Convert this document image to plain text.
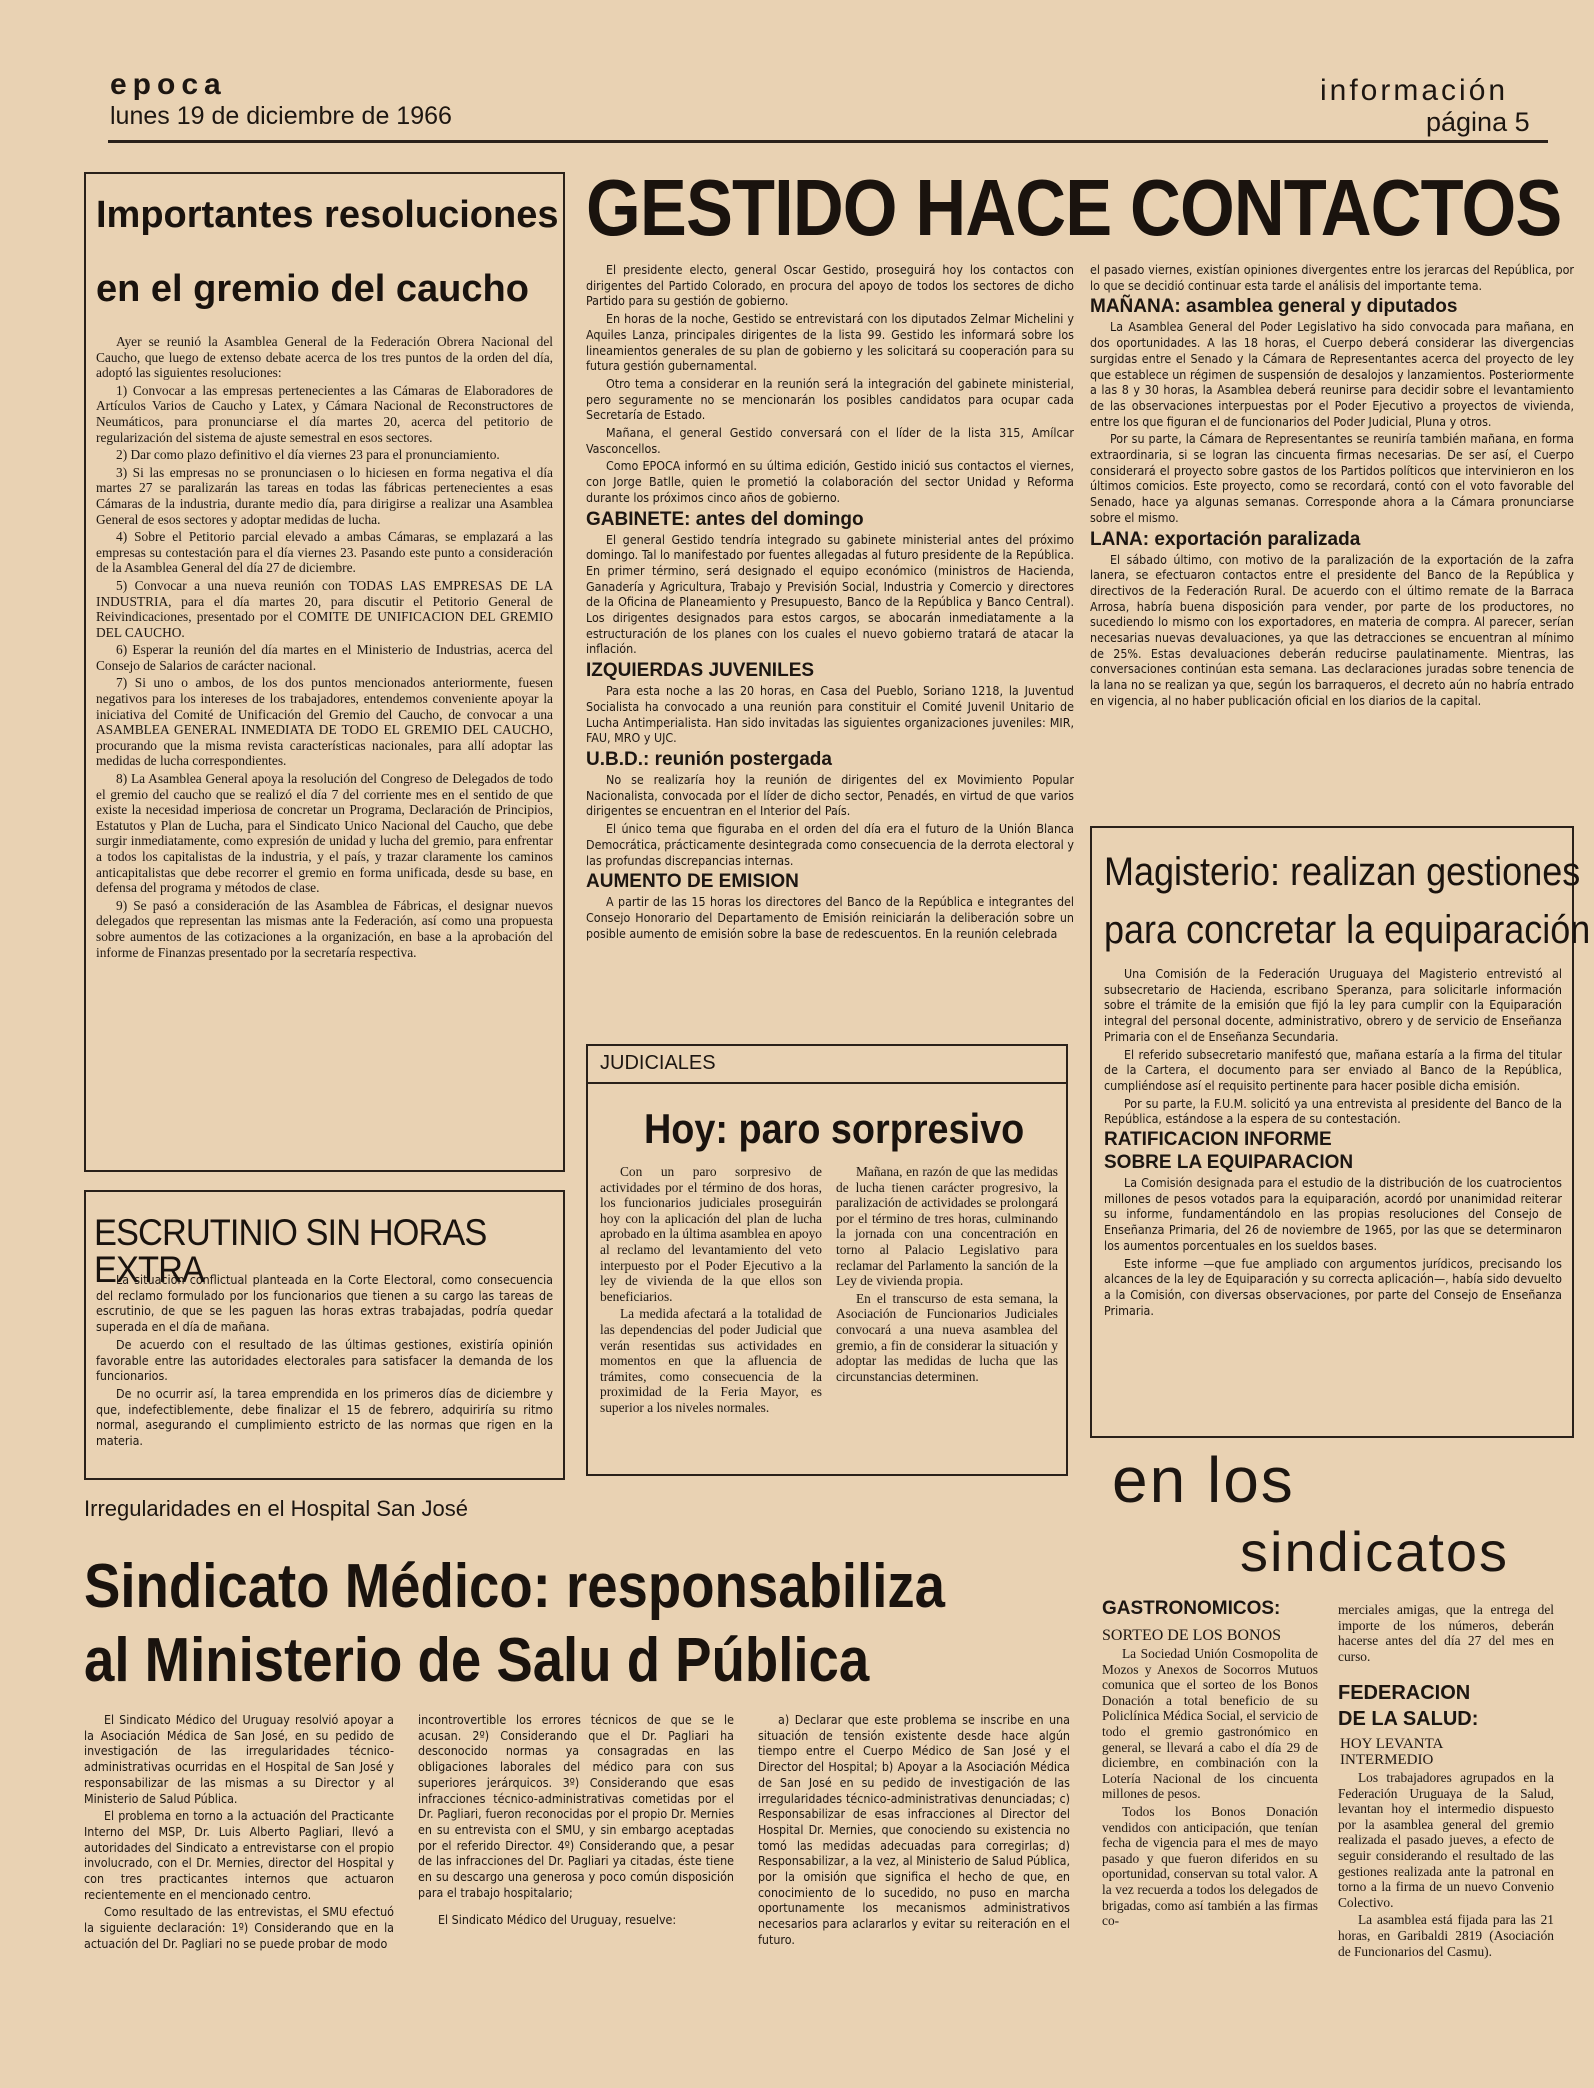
epoca
lunes 19 de diciembre de 1966
información
página 5
Importantes resoluciones
en el gremio del caucho

Ayer se reunió la Asamblea General de la Federación Obrera Nacional del Caucho, que luego de extenso debate acerca de los tres puntos de la orden del día, adoptó las siguientes resoluciones:

1) Convocar a las empresas pertenecientes a las Cámaras de Elaboradores de Artículos Varios de Caucho y Latex, y Cámara Nacional de Reconstructores de Neumáticos, para pronunciarse el día martes 20, acerca del petitorio de regularización del sistema de ajuste semestral en esos sectores.

2) Dar como plazo definitivo el día viernes 23 para el pronunciamiento.

3) Si las empresas no se pronunciasen o lo hiciesen en forma negativa el día martes 27 se paralizarán las tareas en todas las fábricas pertenecientes a esas Cámaras de la industria, durante medio día, para dirigirse a realizar una Asamblea General de esos sectores y adoptar medidas de lucha.

4) Sobre el Petitorio parcial elevado a ambas Cámaras, se emplazará a las empresas su contestación para el día viernes 23. Pasando este punto a consideración de la Asamblea General del día 27 de diciembre.

5) Convocar a una nueva reunión con TODAS LAS EMPRESAS DE LA INDUSTRIA, para el día martes 20, para discutir el Petitorio General de Reivindicaciones, presentado por el COMITE DE UNIFICACION DEL GREMIO DEL CAUCHO.

6) Esperar la reunión del día martes en el Ministerio de Industrias, acerca del Consejo de Salarios de carácter nacional.

7) Si uno o ambos, de los dos puntos mencionados anteriormente, fuesen negativos para los intereses de los trabajadores, entendemos conveniente apoyar la iniciativa del Comité de Unificación del Gremio del Caucho, de convocar a una ASAMBLEA GENERAL INMEDIATA DE TODO EL GREMIO DEL CAUCHO, procurando que la misma revista características nacionales, para allí adoptar las medidas de lucha correspondientes.

8) La Asamblea General apoya la resolución del Congreso de Delegados de todo el gremio del caucho que se realizó el día 7 del corriente mes en el sentido de que existe la necesidad imperiosa de concretar un Programa, Declaración de Principios, Estatutos y Plan de Lucha, para el Sindicato Unico Nacional del Caucho, que debe surgir inmediatamente, como expresión de unidad y lucha del gremio, para enfrentar a todos los capitalistas de la industria, y el país, y trazar claramente los caminos anticapitalistas que debe recorrer el gremio en forma unificada, desde su base, en defensa del programa y métodos de clase.

9) Se pasó a consideración de las Asamblea de Fábricas, el designar nuevos delegados que representan las mismas ante la Federación, así como una propuesta sobre aumentos de las cotizaciones a la organización, en base a la aprobación del informe de Finanzas presentado por la secretaría respectiva.

ESCRUTINIO SIN HORAS EXTRA

La situación conflictual planteada en la Corte Electoral, como consecuencia del reclamo formulado por los funcionarios que tienen a su cargo las tareas de escrutinio, de que se les paguen las horas extras trabajadas, podría quedar superada en el día de mañana.

De acuerdo con el resultado de las últimas gestiones, existiría opinión favorable entre las autoridades electorales para satisfacer la demanda de los funcionarios.

De no ocurrir así, la tarea emprendida en los primeros días de diciembre y que, indefectiblemente, debe finalizar el 15 de febrero, adquiriría su ritmo normal, asegurando el cumplimiento estricto de las normas que rigen en la materia.

GESTIDO HACE CONTACTOS

El presidente electo, general Oscar Gestido, proseguirá hoy los contactos con dirigentes del Partido Colorado, en procura del apoyo de todos los sectores de dicho Partido para su gestión de gobierno.

En horas de la noche, Gestido se entrevistará con los diputados Zelmar Michelini y Aquiles Lanza, principales dirigentes de la lista 99. Gestido les informará sobre los lineamientos generales de su plan de gobierno y les solicitará su cooperación para su futura gestión gubernamental.

Otro tema a considerar en la reunión será la integración del gabinete ministerial, pero seguramente no se mencionarán los posibles candidatos para ocupar cada Secretaría de Estado.

Mañana, el general Gestido conversará con el líder de la lista 315, Amílcar Vasconcellos.

Como EPOCA informó en su última edición, Gestido inició sus contactos el viernes, con Jorge Batlle, quien le prometió la colaboración del sector Unidad y Reforma durante los próximos cinco años de gobierno.

GABINETE: antes del domingo

El general Gestido tendría integrado su gabinete ministerial antes del próximo domingo. Tal lo manifestado por fuentes allegadas al futuro presidente de la República. En primer término, será designado el equipo económico (ministros de Hacienda, Ganadería y Agricultura, Trabajo y Previsión Social, Industria y Comercio y directores de la Oficina de Planeamiento y Presupuesto, Banco de la República y Banco Central). Los dirigentes designados para estos cargos, se abocarán inmediatamente a la estructuración de los planes con los cuales el nuevo gobierno tratará de atacar la inflación.

IZQUIERDAS JUVENILES

Para esta noche a las 20 horas, en Casa del Pueblo, Soriano 1218, la Juventud Socialista ha convocado a una reunión para constituir el Comité Juvenil Unitario de Lucha Antimperialista. Han sido invitadas las siguientes organizaciones juveniles: MIR, FAU, MRO y UJC.

U.B.D.: reunión postergada

No se realizaría hoy la reunión de dirigentes del ex Movimiento Popular Nacionalista, convocada por el líder de dicho sector, Penadés, en virtud de que varios dirigentes se encuentran en el Interior del País.

El único tema que figuraba en el orden del día era el futuro de la Unión Blanca Democrática, prácticamente desintegrada como consecuencia de la derrota electoral y las profundas discrepancias internas.

AUMENTO DE EMISION

A partir de las 15 horas los directores del Banco de la República e integrantes del Consejo Honorario del Departamento de Emisión reiniciarán la deliberación sobre un posible aumento de emisión sobre la base de redescuentos. En la reunión celebrada

el pasado viernes, existían opiniones divergentes entre los jerarcas del República, por lo que se decidió continuar esta tarde el análisis del importante tema.

MAÑANA: asamblea general y diputados

La Asamblea General del Poder Legislativo ha sido convocada para mañana, en dos oportunidades. A las 18 horas, el Cuerpo deberá considerar las divergencias surgidas entre el Senado y la Cámara de Representantes acerca del proyecto de ley que establece un régimen de suspensión de desalojos y lanzamientos. Posteriormente a las 8 y 30 horas, la Asamblea deberá reunirse para decidir sobre el levantamiento de las observaciones interpuestas por el Poder Ejecutivo a proyectos de vivienda, entre los que figuran el de funcionarios del Poder Judicial, Pluna y otros.

Por su parte, la Cámara de Representantes se reuniría también mañana, en forma extraordinaria, si se logran las cincuenta firmas necesarias. De ser así, el Cuerpo considerará el proyecto sobre gastos de los Partidos políticos que intervinieron en los últimos comicios. Este proyecto, como se recordará, contó con el voto favorable del Senado, hace ya algunas semanas. Corresponde ahora a la Cámara pronunciarse sobre el mismo.

LANA: exportación paralizada

El sábado último, con motivo de la paralización de la exportación de la zafra lanera, se efectuaron contactos entre el presidente del Banco de la República y directivos de la Federación Rural. De acuerdo con el último remate de la Barraca Arrosa, habría buena disposición para vender, por parte de los productores, no sucediendo lo mismo con los exportadores, en materia de compra. Al parecer, serían necesarias nuevas devaluaciones, ya que las detracciones se encuentran al mínimo de 25%. Estas devaluaciones deberán reducirse paulatinamente. Mientras, las conversaciones continúan esta semana. Las declaraciones juradas sobre tenencia de la lana no se realizan ya que, según los barraqueros, el decreto aún no habría entrado en vigencia, al no haber publicación oficial en los diarios de la capital.

JUDICIALES
Hoy: paro sorpresivo

Con un paro sorpresivo de actividades por el término de dos horas, los funcionarios judiciales proseguirán hoy con la aplicación del plan de lucha aprobado en la última asamblea en apoyo al reclamo del levantamiento del veto interpuesto por el Poder Ejecutivo a la ley de vivienda de la que ellos son beneficiarios.

La medida afectará a la totalidad de las dependencias del poder Judicial que verán resentidas sus actividades en momentos en que la afluencia de trámites, como consecuencia de la proximidad de la Feria Mayor, es superior a los niveles normales.

Mañana, en razón de que las medidas de lucha tienen carácter progresivo, la paralización de actividades se prolongará por el término de tres horas, culminando la jornada con una concentración en torno al Palacio Legislativo para reclamar del Parlamento la sanción de la Ley de vivienda propia.

En el transcurso de esta semana, la Asociación de Funcionarios Judiciales convocará a una nueva asamblea del gremio, a fin de considerar la situación y adoptar las medidas de lucha que las circunstancias determinen.

Magisterio: realizan gestiones
para concretar la equiparación

Una Comisión de la Federación Uruguaya del Magisterio entrevistó al subsecretario de Hacienda, escribano Speranza, para solicitarle información sobre el trámite de la emisión que fijó la ley para cumplir con la Equiparación integral del personal docente, administrativo, obrero y de servicio de Enseñanza Primaria con el de Enseñanza Secundaria.

El referido subsecretario manifestó que, mañana estaría a la firma del titular de la Cartera, el documento para ser enviado al Banco de la República, cumpliéndose así el requisito pertinente para hacer posible dicha emisión.

Por su parte, la F.U.M. solicitó ya una entrevista al presidente del Banco de la República, estándose a la espera de su contestación.

RATIFICACION INFORME
SOBRE LA EQUIPARACION

La Comisión designada para el estudio de la distribución de los cuatrocientos millones de pesos votados para la equiparación, acordó por unanimidad reiterar su informe, fundamentándolo en las propias resoluciones del Consejo de Enseñanza Primaria, del 26 de noviembre de 1965, por las que se determinaron los aumentos porcentuales en los sueldos bases.

Este informe —que fue ampliado con argumentos jurídicos, precisando los alcances de la ley de Equiparación y su correcta aplicación—, había sido devuelto a la Comisión, con diversas observaciones, por parte del Consejo de Enseñanza Primaria.

Irregularidades en el Hospital San José
Sindicato Médico: responsabiliza
al Ministerio de Salu d Pública

El Sindicato Médico del Uruguay resolvió apoyar a la Asociación Médica de San José, en su pedido de investigación de las irregularidades técnico-administrativas ocurridas en el Hospital de San José y responsabilizar de las mismas a su Director y al Ministerio de Salud Pública.

El problema en torno a la actuación del Practicante Interno del MSP, Dr. Luis Alberto Pagliari, llevó a autoridades del Sindicato a entrevistarse con el propio involucrado, con el Dr. Mernies, director del Hospital y con tres practicantes internos que actuaron recientemente en el mencionado centro.

Como resultado de las entrevistas, el SMU efectuó la siguiente declaración: 1º) Considerando que en la actuación del Dr. Pagliari no se puede probar de modo

incontrovertible los errores técnicos de que se le acusan. 2º) Considerando que el Dr. Pagliari ha desconocido normas ya consagradas en las obligaciones laborales del médico para con sus superiores jerárquicos. 3º) Considerando que esas infracciones técnico-administrativas cometidas por el Dr. Pagliari, fueron reconocidas por el propio Dr. Mernies en su entrevista con el SMU, y sin embargo aceptadas por el referido Director. 4º) Considerando que, a pesar de las infracciones del Dr. Pagliari ya citadas, éste tiene en su descargo una generosa y poco común disposición para el trabajo hospitalario;

El Sindicato Médico del Uruguay, resuelve:

a) Declarar que este problema se inscribe en una situación de tensión existente desde hace algún tiempo entre el Cuerpo Médico de San José y el Director del Hospital; b) Apoyar a la Asociación Médica de San José en su pedido de investigación de las irregularidades técnico-administrativas denunciadas; c) Responsabilizar de esas infracciones al Director del Hospital Dr. Mernies, que conociendo su existencia no tomó las medidas adecuadas para corregirlas; d) Responsabilizar, a la vez, al Ministerio de Salud Pública, por la omisión que significa el hecho de que, en conocimiento de lo sucedido, no puso en marcha oportunamente los mecanismos administrativos necesarios para aclararlos y evitar su reiteración en el futuro.

en los
sindicatos
GASTRONOMICOS:
SORTEO DE LOS BONOS

La Sociedad Unión Cosmopolita de Mozos y Anexos de Socorros Mutuos comunica que el sorteo de los Bonos Donación a total beneficio de su Policlínica Médica Social, el servicio de todo el gremio gastronómico en general, se llevará a cabo el día 29 de diciembre, en combinación con la Lotería Nacional de los cincuenta millones de pesos.

Todos los Bonos Donación vendidos con anticipación, que tenían fecha de vigencia para el mes de mayo pasado y que fueron diferidos en su oportunidad, conservan su total valor. A la vez recuerda a todos los delegados de brigadas, como así también a las firmas co-

merciales amigas, que la entrega del importe de los números, deberán hacerse antes del día 27 del mes en curso.

FEDERACION
DE LA SALUD:
HOY LEVANTA
INTERMEDIO

Los trabajadores agrupados en la Federación Uruguaya de la Salud, levantan hoy el intermedio dispuesto por la asamblea general del gremio realizada el pasado jueves, a efecto de seguir considerando el resultado de las gestiones realizada ante la patronal en torno a la firma de un nuevo Convenio Colectivo.

La asamblea está fijada para las 21 horas, en Garibaldi 2819 (Asociación de Funcionarios del Casmu).
